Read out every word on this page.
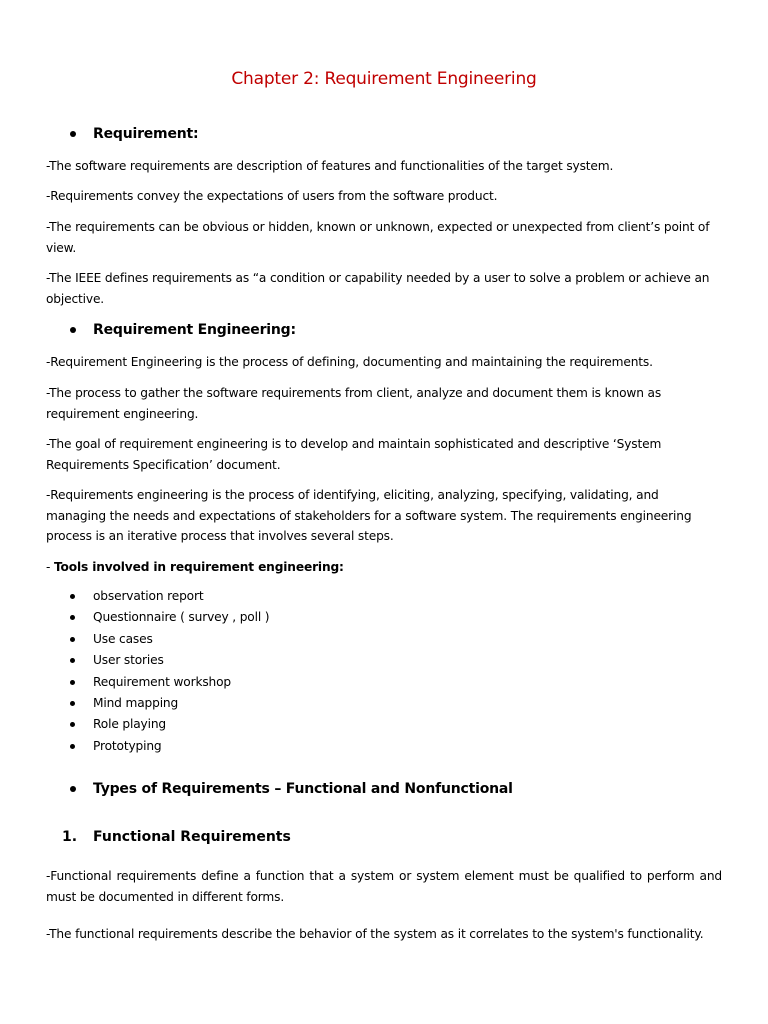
Chapter 2: Requirement Engineering
Requirement:

-The software requirements are description of features and functionalities of the target system.

-Requirements convey the expectations of users from the software product.

-The requirements can be obvious or hidden, known or unknown, expected or unexpected from client’s point of view.

-The IEEE defines requirements as “a condition or capability needed by a user to solve a problem or achieve an objective.

Requirement Engineering:

-Requirement Engineering is the process of defining, documenting and maintaining the requirements.

-The process to gather the software requirements from client, analyze and document them is known as requirement engineering.

-The goal of requirement engineering is to develop and maintain sophisticated and descriptive ‘System Requirements Specification’ document.

-Requirements engineering is the process of identifying, eliciting, analyzing, specifying, validating, and managing the needs and expectations of stakeholders for a software system. The requirements engineering process is an iterative process that involves several steps.

- Tools involved in requirement engineering:
observation report
Questionnaire ( survey , poll )
Use cases
User stories
Requirement workshop
Mind mapping
Role playing
Prototyping
Types of Requirements – Functional and Nonfunctional
1. Functional Requirements

-Functional requirements define a function that a system or system element must be qualified to perform and must be documented in different forms.

-The functional requirements describe the behavior of the system as it correlates to the system's functionality.
